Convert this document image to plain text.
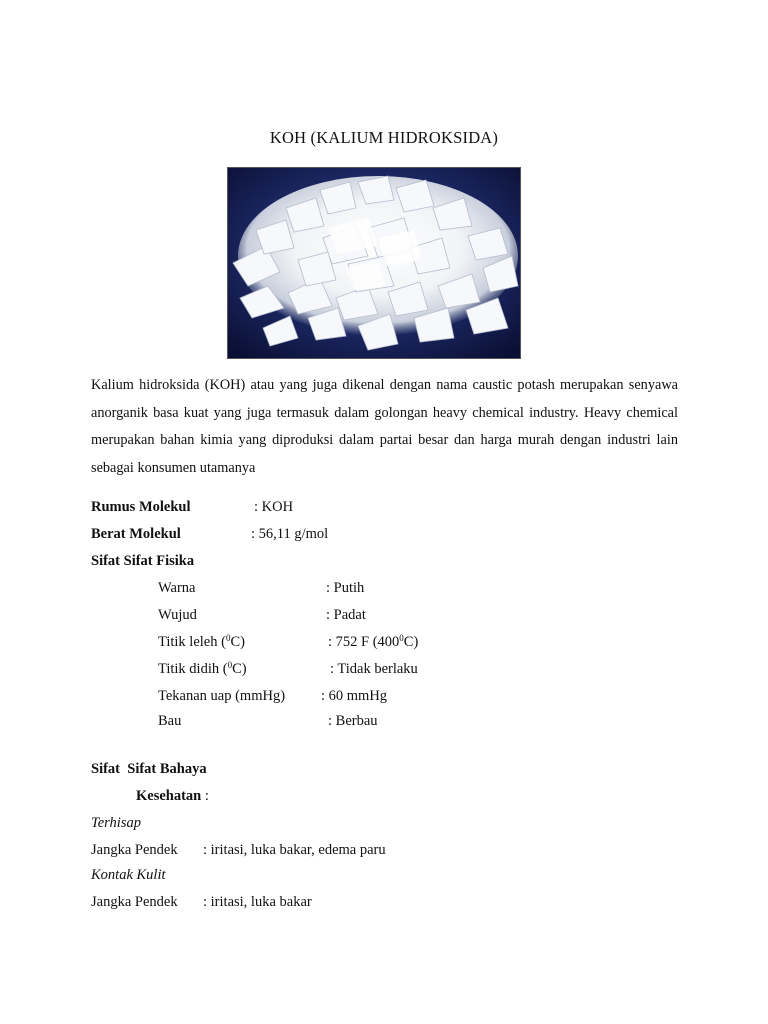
KOH (KALIUM HIDROKSIDA)
Kalium hidroksida (KOH) atau yang juga dikenal dengan nama caustic potash merupakan senyawa anorganik basa kuat yang juga termasuk dalam golongan heavy chemical industry. Heavy chemical merupakan bahan kimia yang diproduksi dalam partai besar dan harga murah dengan industri lain sebagai konsumen utamanya
Rumus Molekul	: KOH
Berat Molekul	: 56,11 g/mol
Sifat Sifat Fisika
Warna	: Putih
Wujud	: Padat
Titik leleh ($^0$C)	: 752 F $(400^0C)$
Titik didih ($^0$C)	: Tidak berlaku
Tekanan uap (mmHg) : 60 mmHg
Bau	: Berbau
Sifat  Sifat Bahaya
Kesehatan :
Terhisap
Jangka Pendek : iritasi, luka bakar, edema paru
Kontak Kulit
Jangka Pendek : iritasi, luka bakar
